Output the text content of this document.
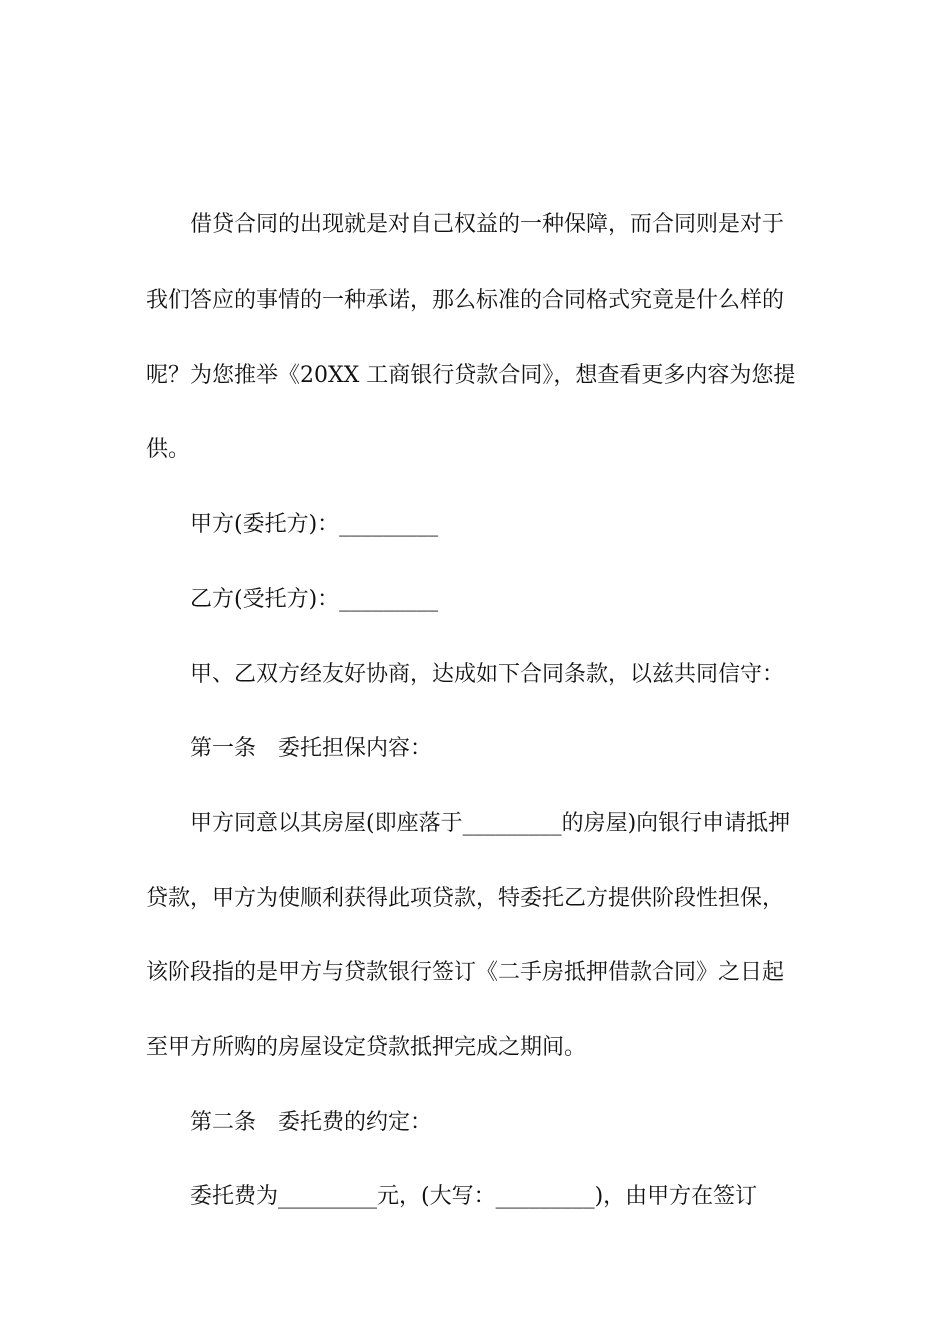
借贷合同的出现就是对自己权益的一种保障，而合同则是对于
我们答应的事情的一种承诺，那么标准的合同格式究竟是什么样的
呢？为您推举《20XX 工商银行贷款合同》，想查看更多内容为您提
供。
甲方(委托方)：_________
乙方(受托方)：_________
甲、乙双方经友好协商，达成如下合同条款，以兹共同信守：
第一条　委托担保内容：
甲方同意以其房屋(即座落于_________的房屋)向银行申请抵押
贷款，甲方为使顺利获得此项贷款，特委托乙方提供阶段性担保，
该阶段指的是甲方与贷款银行签订《二手房抵押借款合同》之日起
至甲方所购的房屋设定贷款抵押完成之期间。
第二条　委托费的约定：
委托费为_________元，(大写：_________)，由甲方在签订
